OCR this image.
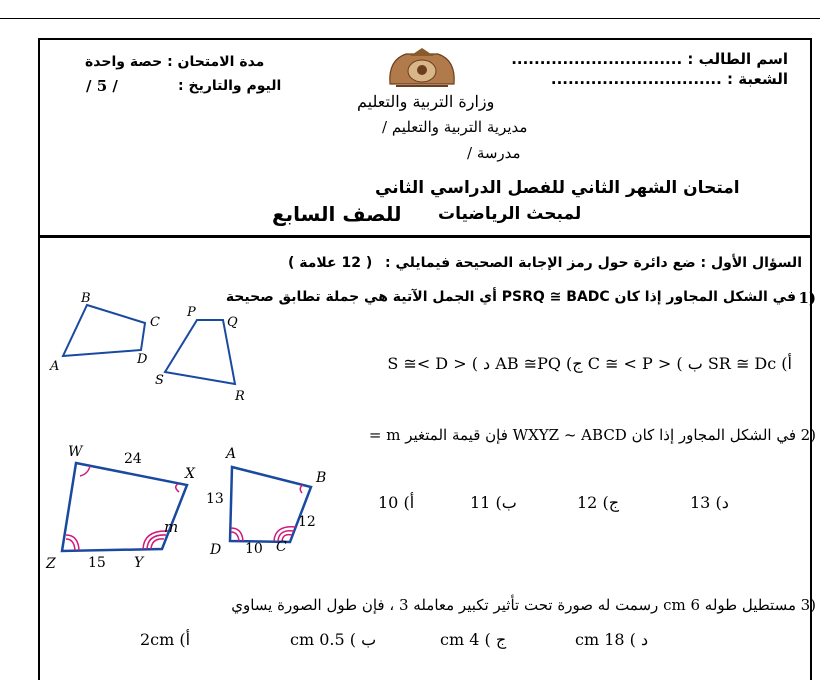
اسم الطالب : ..............................
الشعبة : ..............................
مدة الامتحان : حصة واحدة
اليوم والتاريخ :
/ 5 /
وزارة التربية والتعليم
مديرية التربية والتعليم /
مدرسة /
امتحان الشهر الثاني للفصل الدراسي الثاني
لمبحث الرياضيات
للصف السابع
السؤال الأول : ضع دائرة حول رمز الإجابة الصحيحة فيمايلي :
( 12 علامة )
في الشكل المجاور إذا كان PSRQ ≅ BADC أي الجمل الآتية هي جملة تطابق صحيحة 1)
أ) SR ≅ Dc ب ) < C ≅ < P ج) AB ≅PQ د ) < S ≅< D
B
C
A	D
P
Q
S
R
في الشكل المجاور إذا كان WXYZ ~ ABCD فإن قيمة المتغير m = 2)
أ) 10	ب) 11	ج) 12	د) 13
W
X
Z	Y
A
B
D	C
m
24
15
13
12
10
مستطيل طوله 6 cm رسمت له صورة تحت تأثير تكبير معامله 3 ، فإن طول الصورة يساوي 3)
أ) 2cm	ب ) 0.5 cm	ج ) 4 cm	د ) 18 cm
